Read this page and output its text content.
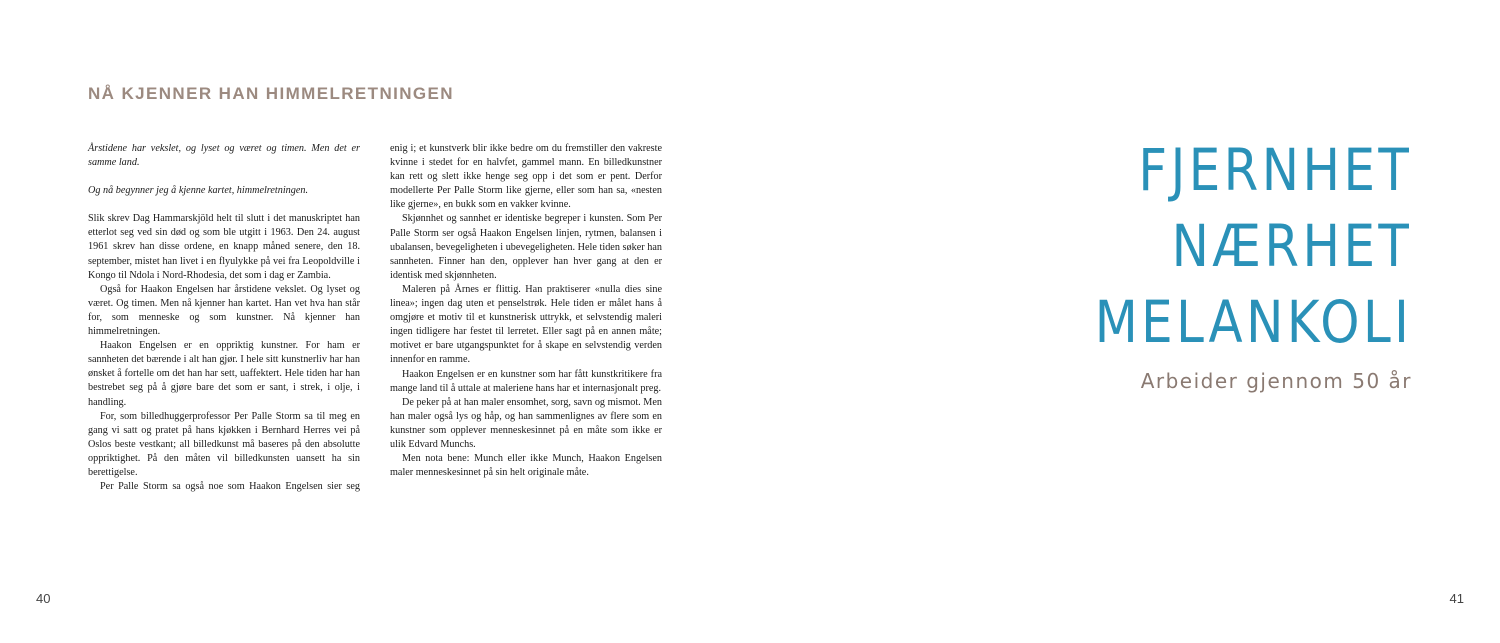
NÅ KJENNER HAN HIMMELRETNINGEN

Årstidene har vekslet, og lyset og været og timen. Men det er samme land.

Og nå begynner jeg å kjenne kartet, himmelretningen.

Slik skrev Dag Hammarskjöld helt til slutt i det manuskriptet han etterlot seg ved sin død og som ble utgitt i 1963. Den 24. august 1961 skrev han disse ordene, en knapp måned senere, den 18. september, mistet han livet i en flyulykke på vei fra Leopoldville i Kongo til Ndola i Nord-Rhodesia, det som i dag er Zambia.

Også for Haakon Engelsen har årstidene vekslet. Og lyset og været. Og timen. Men nå kjenner han kartet. Han vet hva han står for, som menneske og som kunstner. Nå kjenner han himmelretningen.

Haakon Engelsen er en oppriktig kunstner. For ham er sannheten det bærende i alt han gjør. I hele sitt kunstnerliv har han ønsket å fortelle om det han har sett, uaffektert. Hele tiden har han bestrebet seg på å gjøre bare det som er sant, i strek, i olje, i handling.

For, som billedhuggerprofessor Per Palle Storm sa til meg en gang vi satt og pratet på hans kjøkken i Bernhard Herres vei på Oslos beste vestkant; all billedkunst må baseres på den absolutte oppriktighet. På den måten vil billedkunsten uansett ha sin berettigelse.

Per Palle Storm sa også noe som Haakon Engelsen sier seg

enig i; et kunstverk blir ikke bedre om du fremstiller den vakreste kvinne i stedet for en halvfet, gammel mann. En billedkunstner kan rett og slett ikke henge seg opp i det som er pent. Derfor modellerte Per Palle Storm like gjerne, eller som han sa, «nesten like gjerne», en bukk som en vakker kvinne.

Skjønnhet og sannhet er identiske begreper i kunsten. Som Per Palle Storm ser også Haakon Engelsen linjen, rytmen, balansen i ubalansen, bevegeligheten i ubevegeligheten. Hele tiden søker han sannheten. Finner han den, opplever han hver gang at den er identisk med skjønnheten.

Maleren på Årnes er flittig. Han praktiserer «nulla dies sine linea»; ingen dag uten et penselstrøk. Hele tiden er målet hans å omgjøre et motiv til et kunstnerisk uttrykk, et selvstendig maleri ingen tidligere har festet til lerretet. Eller sagt på en annen måte; motivet er bare utgangspunktet for å skape en selvstendig verden innenfor en ramme.

Haakon Engelsen er en kunstner som har fått kunstkritikere fra mange land til å uttale at maleriene hans har et internasjonalt preg.

De peker på at han maler ensomhet, sorg, savn og mismot. Men han maler også lys og håp, og han sammenlignes av flere som en kunstner som opplever menneskesinnet på en måte som ikke er ulik Edvard Munchs.

Men nota bene: Munch eller ikke Munch, Haakon Engelsen maler menneskesinnet på sin helt originale måte.

40
FJERNHET
NÆRHET
MELANKOLI
Arbeider gjennom 50 år
41
